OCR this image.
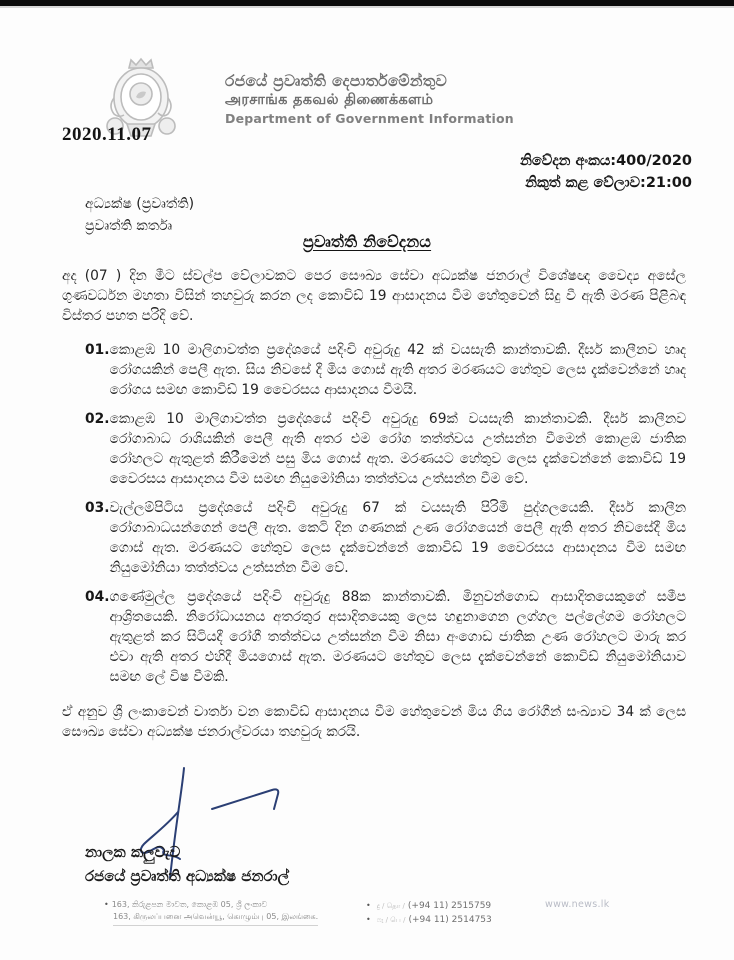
රජයේ ප්‍රවෘත්ති දෙපාර්තමේන්තුව
அரசாங்க தகவல் திணைக்களம்
Department of Government Information
2020.11.07
නිවේදන අංකය:400/2020
නිකුත් කළ වේලාව:21:00
අධ්‍යක්ෂ (ප්‍රවෘත්ති)
ප්‍රවෘත්ති කර්තෘ
ප්‍රවෘත්ති නිවේදනය

අද (07 ) දින මීට ස්වල්ප වේලාවකට පෙර සෞඛ්‍ය සේවා අධ්‍යක්ෂ ජනරාල් විශේෂඥ වෛද්‍ය අසේල ගුණවර්ධන මහතා විසින් තහවුරු කරන ලද කොවිඩ් 19 ආසාදනය වීම හේතුවෙන් සිදු වී ඇති මරණ පිළිබඳ විස්තර පහත පරිදි වේ.

01. කොළඹ 10 මාලිගාවත්ත ප්‍රදේශයේ පදිංචි අවුරුදු 42 ක් වයසැති කාන්තාවකි. දීර්ඝ කාලීනව හෘද රෝගයකින් පෙලී ඇත. සිය නිවසේ දී මිය ගොස් ඇති අතර මරණයට හේතුව ලෙස දැක්වෙන්නේ හෘද රෝගය සමඟ කොවිඩ් 19 වෛරසය ආසාදනය වීමයි.
02. කොළඹ 10 මාලිගාවත්ත ප්‍රදේශයේ පදිංචි අවුරුදු 69ක් වයසැති කාන්තාවකි. දීර්ඝ කාලීනව රෝගාබාධ රාශියකින් පෙලී ඇති අතර එම රෝග තත්ත්වය උත්සන්න වීමෙන් කොළඹ ජාතික රෝහලට ඇතුළත් කිරීමෙන් පසු මිය ගොස් ඇත. මරණයට හේතුව ලෙස දැක්වෙන්නේ කොවිඩ් 19 වෛරසය ආසාදනය වීම සමඟ නියුමෝනියා තත්ත්වය උත්සන්න වීම වේ.
03. වැල්ලම්පිටිය ප්‍රදේශයේ පදිංචි අවුරුදු 67 ක් වයසැති පිරිමි පුද්ගලයෙකි. දීර්ඝ කාලීන රෝගාබාධයන්ගෙන් පෙලී ඇත. කෙටි දින ගණනක් උණ රෝගයෙන් පෙලී ඇති අතර නිවසේදී මිය ගොස් ඇත. මරණයට හේතුව ලෙස දැක්වෙන්නේ කොවිඩ් 19 වෛරසය ආසාදනය වීම සමඟ නියුමෝනියා තත්ත්වය උත්සන්න වීම වේ.
04. ගණේමුල්ල ප්‍රදේශයේ පදිංචි අවුරුදු 88ක කාන්තාවකි. මිනුවන්ගොඩ ආසාදිතයෙකුගේ සමීප ආශ්‍රිතයෙකි. නිරෝධායනය අතරතුර අසාදිතයෙකු ලෙස හඳුනාගෙන ලග්ගල පල්ලේගම රෝහලට ඇතුළත් කර සිටියදී රෝගී තත්ත්වය උත්සන්න වීම නිසා අංගොඩ ජාතික උණ රෝහලට මාරු කර එවා ඇති අතර එහිදී මියගොස් ඇත. මරණයට හේතුව ලෙස දැක්වෙන්නේ කොවිඩ් නියුමෝනියාව සමඟ ලේ විෂ වීමකි.

ඒ අනුව ශ්‍රී ලංකාවෙන් වාර්තා වන කොවිඩ් ආසාදනය වීම හේතුවෙන් මිය ගිය රෝගීන් සංඛ්‍යාව 34 ක් ලෙස සෞඛ්‍ය සේවා අධ්‍යක්ෂ ජනරාල්වරයා තහවුරු කරයි.

නාලක කලුවැව
රජයේ ප්‍රවෘත්ති අධ්‍යක්ෂ ජනරාල්
• 163, කිරුළපන මාවත, කොළඹ 05, ශ්‍රී ලංකාව
163, கிருலப்பனை அவென்யூ, கொழும்பு 05, இலங்கை.
• දු / தொ / (+94 11) 2515759
• ෆැ / பெ / (+94 11) 2514753
www.news.lk
